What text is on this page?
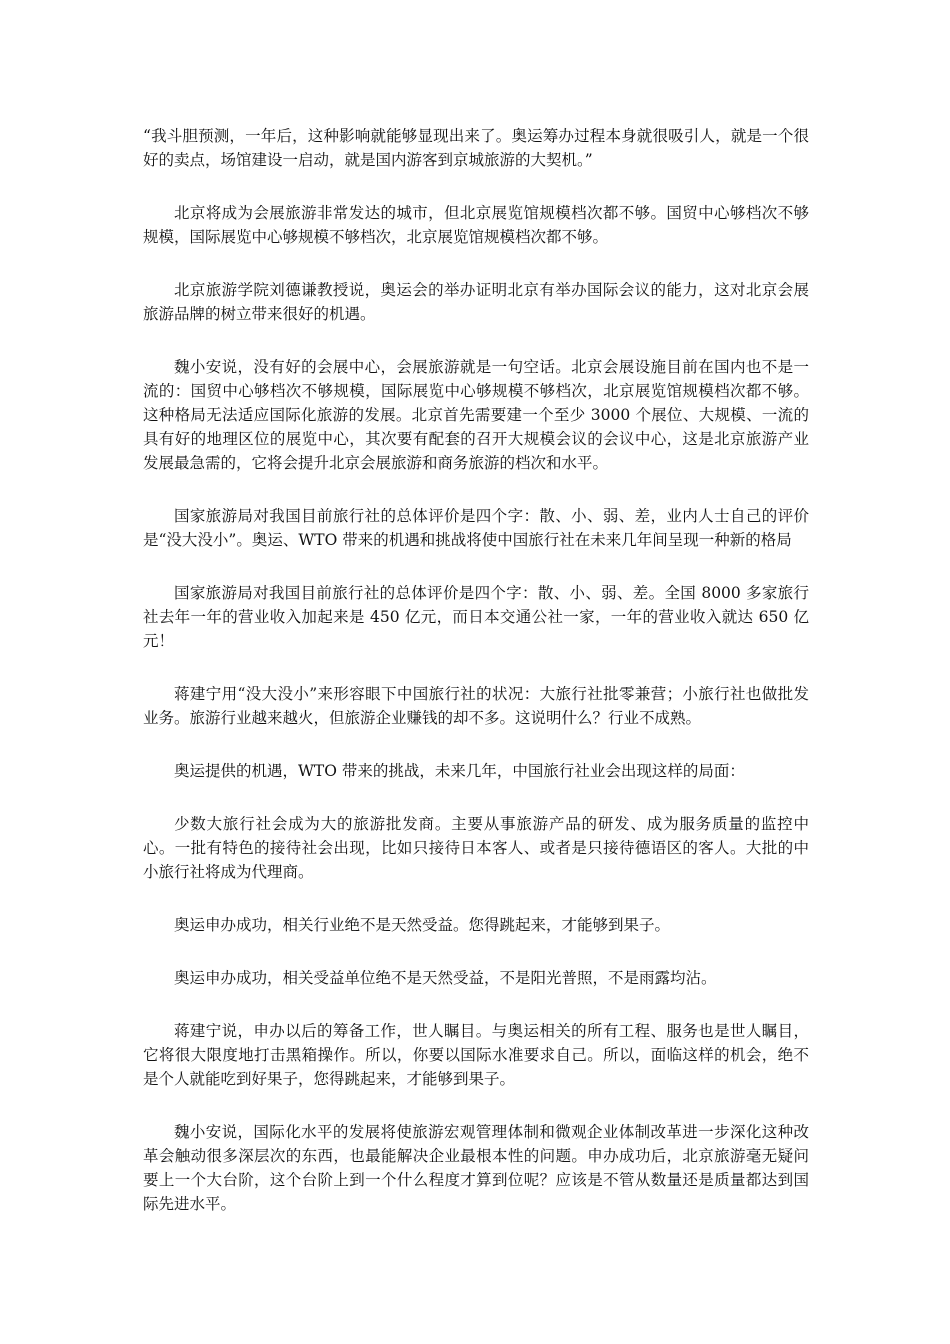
“我斗胆预测，一年后，这种影响就能够显现出来了。奥运筹办过程本身就很吸引人，就是一个很好的卖点，场馆建设一启动，就是国内游客到京城旅游的大契机。”

北京将成为会展旅游非常发达的城市，但北京展览馆规模档次都不够。国贸中心够档次不够规模，国际展览中心够规模不够档次，北京展览馆规模档次都不够。

北京旅游学院刘德谦教授说，奥运会的举办证明北京有举办国际会议的能力，这对北京会展旅游品牌的树立带来很好的机遇。

魏小安说，没有好的会展中心，会展旅游就是一句空话。北京会展设施目前在国内也不是一流的：国贸中心够档次不够规模，国际展览中心够规模不够档次，北京展览馆规模档次都不够。这种格局无法适应国际化旅游的发展。北京首先需要建一个至少 3000 个展位、大规模、一流的具有好的地理区位的展览中心，其次要有配套的召开大规模会议的会议中心，这是北京旅游产业发展最急需的，它将会提升北京会展旅游和商务旅游的档次和水平。

国家旅游局对我国目前旅行社的总体评价是四个字：散、小、弱、差，业内人士自己的评价是“没大没小”。奥运、WTO 带来的机遇和挑战将使中国旅行社在未来几年间呈现一种新的格局

国家旅游局对我国目前旅行社的总体评价是四个字：散、小、弱、差。全国 8000 多家旅行社去年一年的营业收入加起来是 450 亿元，而日本交通公社一家，一年的营业收入就达 650 亿元！

蒋建宁用“没大没小”来形容眼下中国旅行社的状况：大旅行社批零兼营；小旅行社也做批发业务。旅游行业越来越火，但旅游企业赚钱的却不多。这说明什么？行业不成熟。

奥运提供的机遇，WTO 带来的挑战，未来几年，中国旅行社业会出现这样的局面：

少数大旅行社会成为大的旅游批发商。主要从事旅游产品的研发、成为服务质量的监控中心。一批有特色的接待社会出现，比如只接待日本客人、或者是只接待德语区的客人。大批的中小旅行社将成为代理商。

奥运申办成功，相关行业绝不是天然受益。您得跳起来，才能够到果子。

奥运申办成功，相关受益单位绝不是天然受益，不是阳光普照，不是雨露均沾。

蒋建宁说，申办以后的筹备工作，世人瞩目。与奥运相关的所有工程、服务也是世人瞩目，它将很大限度地打击黑箱操作。所以，你要以国际水准要求自己。所以，面临这样的机会，绝不是个人就能吃到好果子，您得跳起来，才能够到果子。

魏小安说，国际化水平的发展将使旅游宏观管理体制和微观企业体制改革进一步深化这种改革会触动很多深层次的东西，也最能解决企业最根本性的问题。申办成功后，北京旅游毫无疑问要上一个大台阶，这个台阶上到一个什么程度才算到位呢？应该是不管从数量还是质量都达到国际先进水平。
